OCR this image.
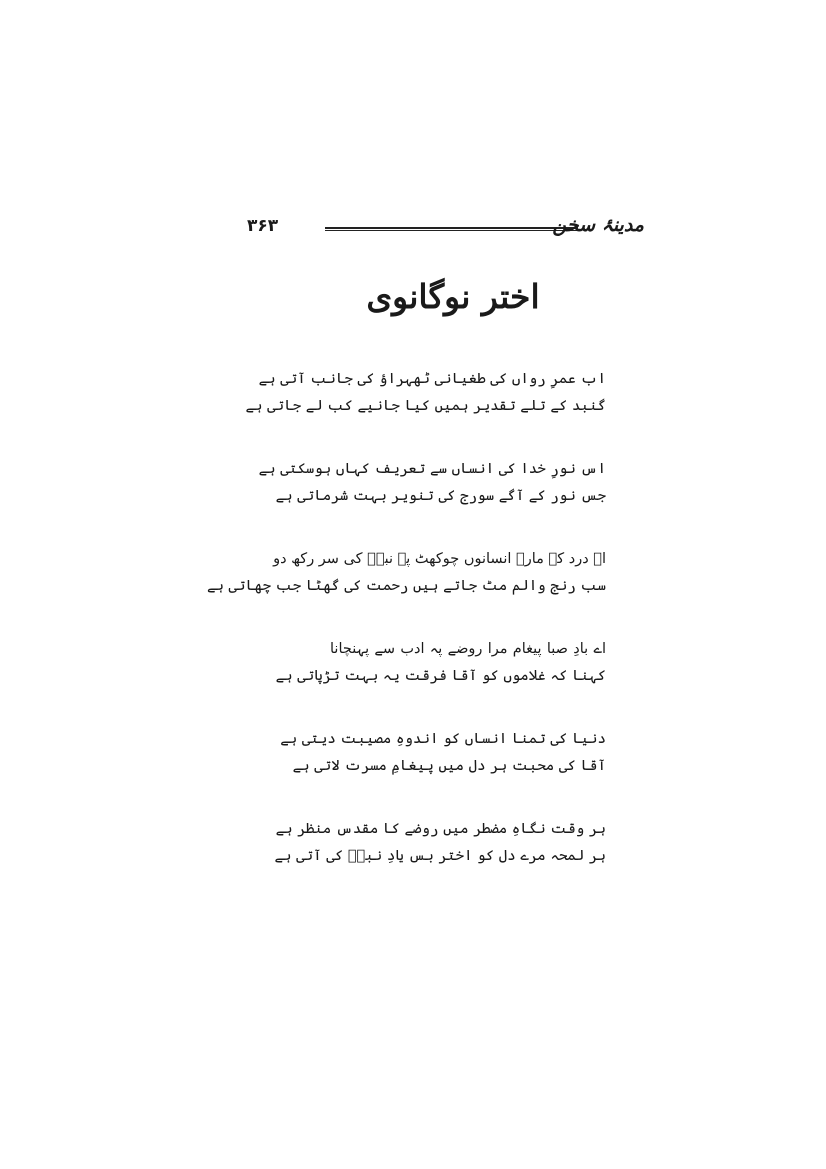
۳۶۳	مدینۂ سخن
اختر نوگانوی
اب عمرِ رواں کی طغیانی ٹھہراؤ کی جانب آتی ہے
گنبد کے تلے تقدیر ہمیں کیا جانیے کب لے جاتی ہے
اس نورِ خدا کی انساں سے تعریف کہاں ہوسکتی ہے
جس نور کے آگے سورج کی تنویر بہت شرماتی ہے
اے درد کے مارے انسانوں چوکھٹ پہ نبیؐ کی سر رکھ دو
سب رنج والم مٹ جاتے ہیں رحمت کی گھٹا جب چھاتی ہے
اے بادِ صبا پیغام مرا روضے پہ ادب سے پہنچانا
کہنا کہ غلاموں کو آقا فرقت یہ بہت تڑپاتی ہے
دنیا کی تمنا انساں کو اندوہِ مصیبت دیتی ہے
آقا کی محبت ہر دل میں پیغامِ مسرت لاتی ہے
ہر وقت نگاہِ مضطر میں روضے کا مقدس منظر ہے
ہر لمحہ مرے دل کو اختر بس یادِ نبیؐ کی آتی ہے
